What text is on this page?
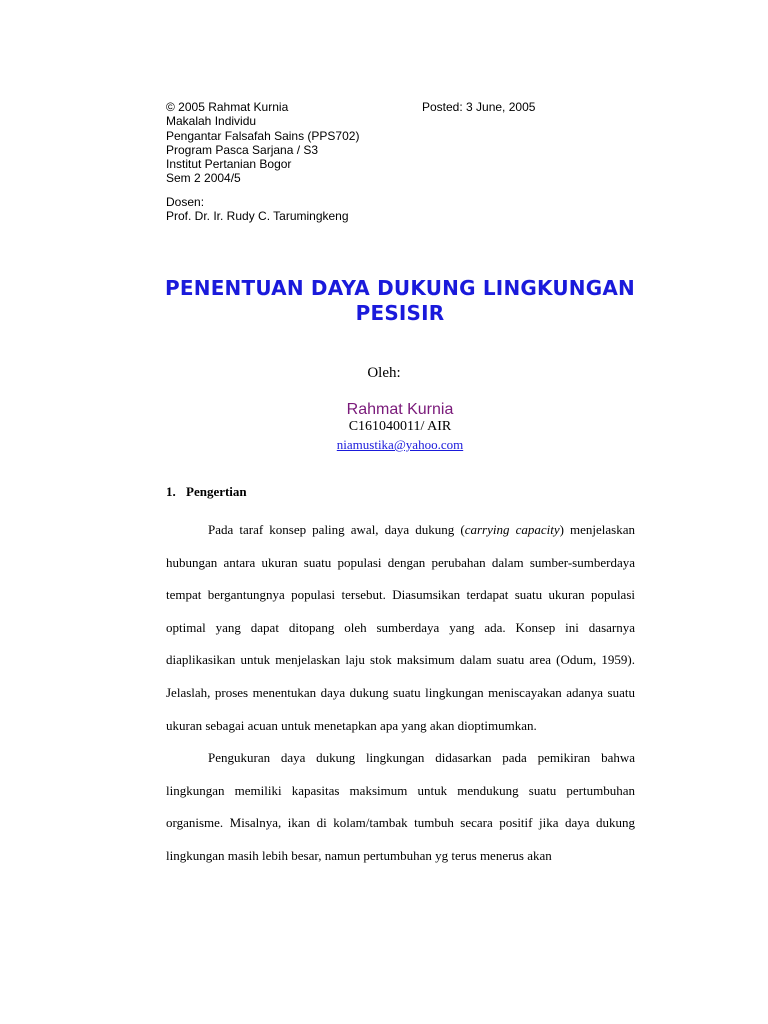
© 2005 Rahmat Kurnia
Makalah Individu
Pengantar Falsafah Sains (PPS702)
Program Pasca Sarjana / S3
Institut Pertanian Bogor
Sem 2 2004/5
Posted: 3 June, 2005
Dosen:
Prof. Dr. Ir. Rudy C. Tarumingkeng
PENENTUAN DAYA DUKUNG LINGKUNGAN
PESISIR
Oleh:
Rahmat Kurnia
C161040011/ AIR
niamustika@yahoo.com
1. Pengertian

Pada taraf konsep paling awal, daya dukung (carrying capacity) menjelaskan hubungan antara ukuran suatu populasi dengan perubahan dalam sumber-sumberdaya tempat bergantungnya populasi tersebut. Diasumsikan terdapat suatu ukuran populasi optimal yang dapat ditopang oleh sumberdaya yang ada. Konsep ini dasarnya diaplikasikan untuk menjelaskan laju stok maksimum dalam suatu area (Odum, 1959). Jelaslah, proses menentukan daya dukung suatu lingkungan meniscayakan adanya suatu ukuran sebagai acuan untuk menetapkan apa yang akan dioptimumkan.

Pengukuran daya dukung lingkungan didasarkan pada pemikiran bahwa lingkungan memiliki kapasitas maksimum untuk mendukung suatu pertumbuhan organisme. Misalnya, ikan di kolam/tambak tumbuh secara positif jika daya dukung lingkungan masih lebih besar, namun pertumbuhan yg terus menerus akan
